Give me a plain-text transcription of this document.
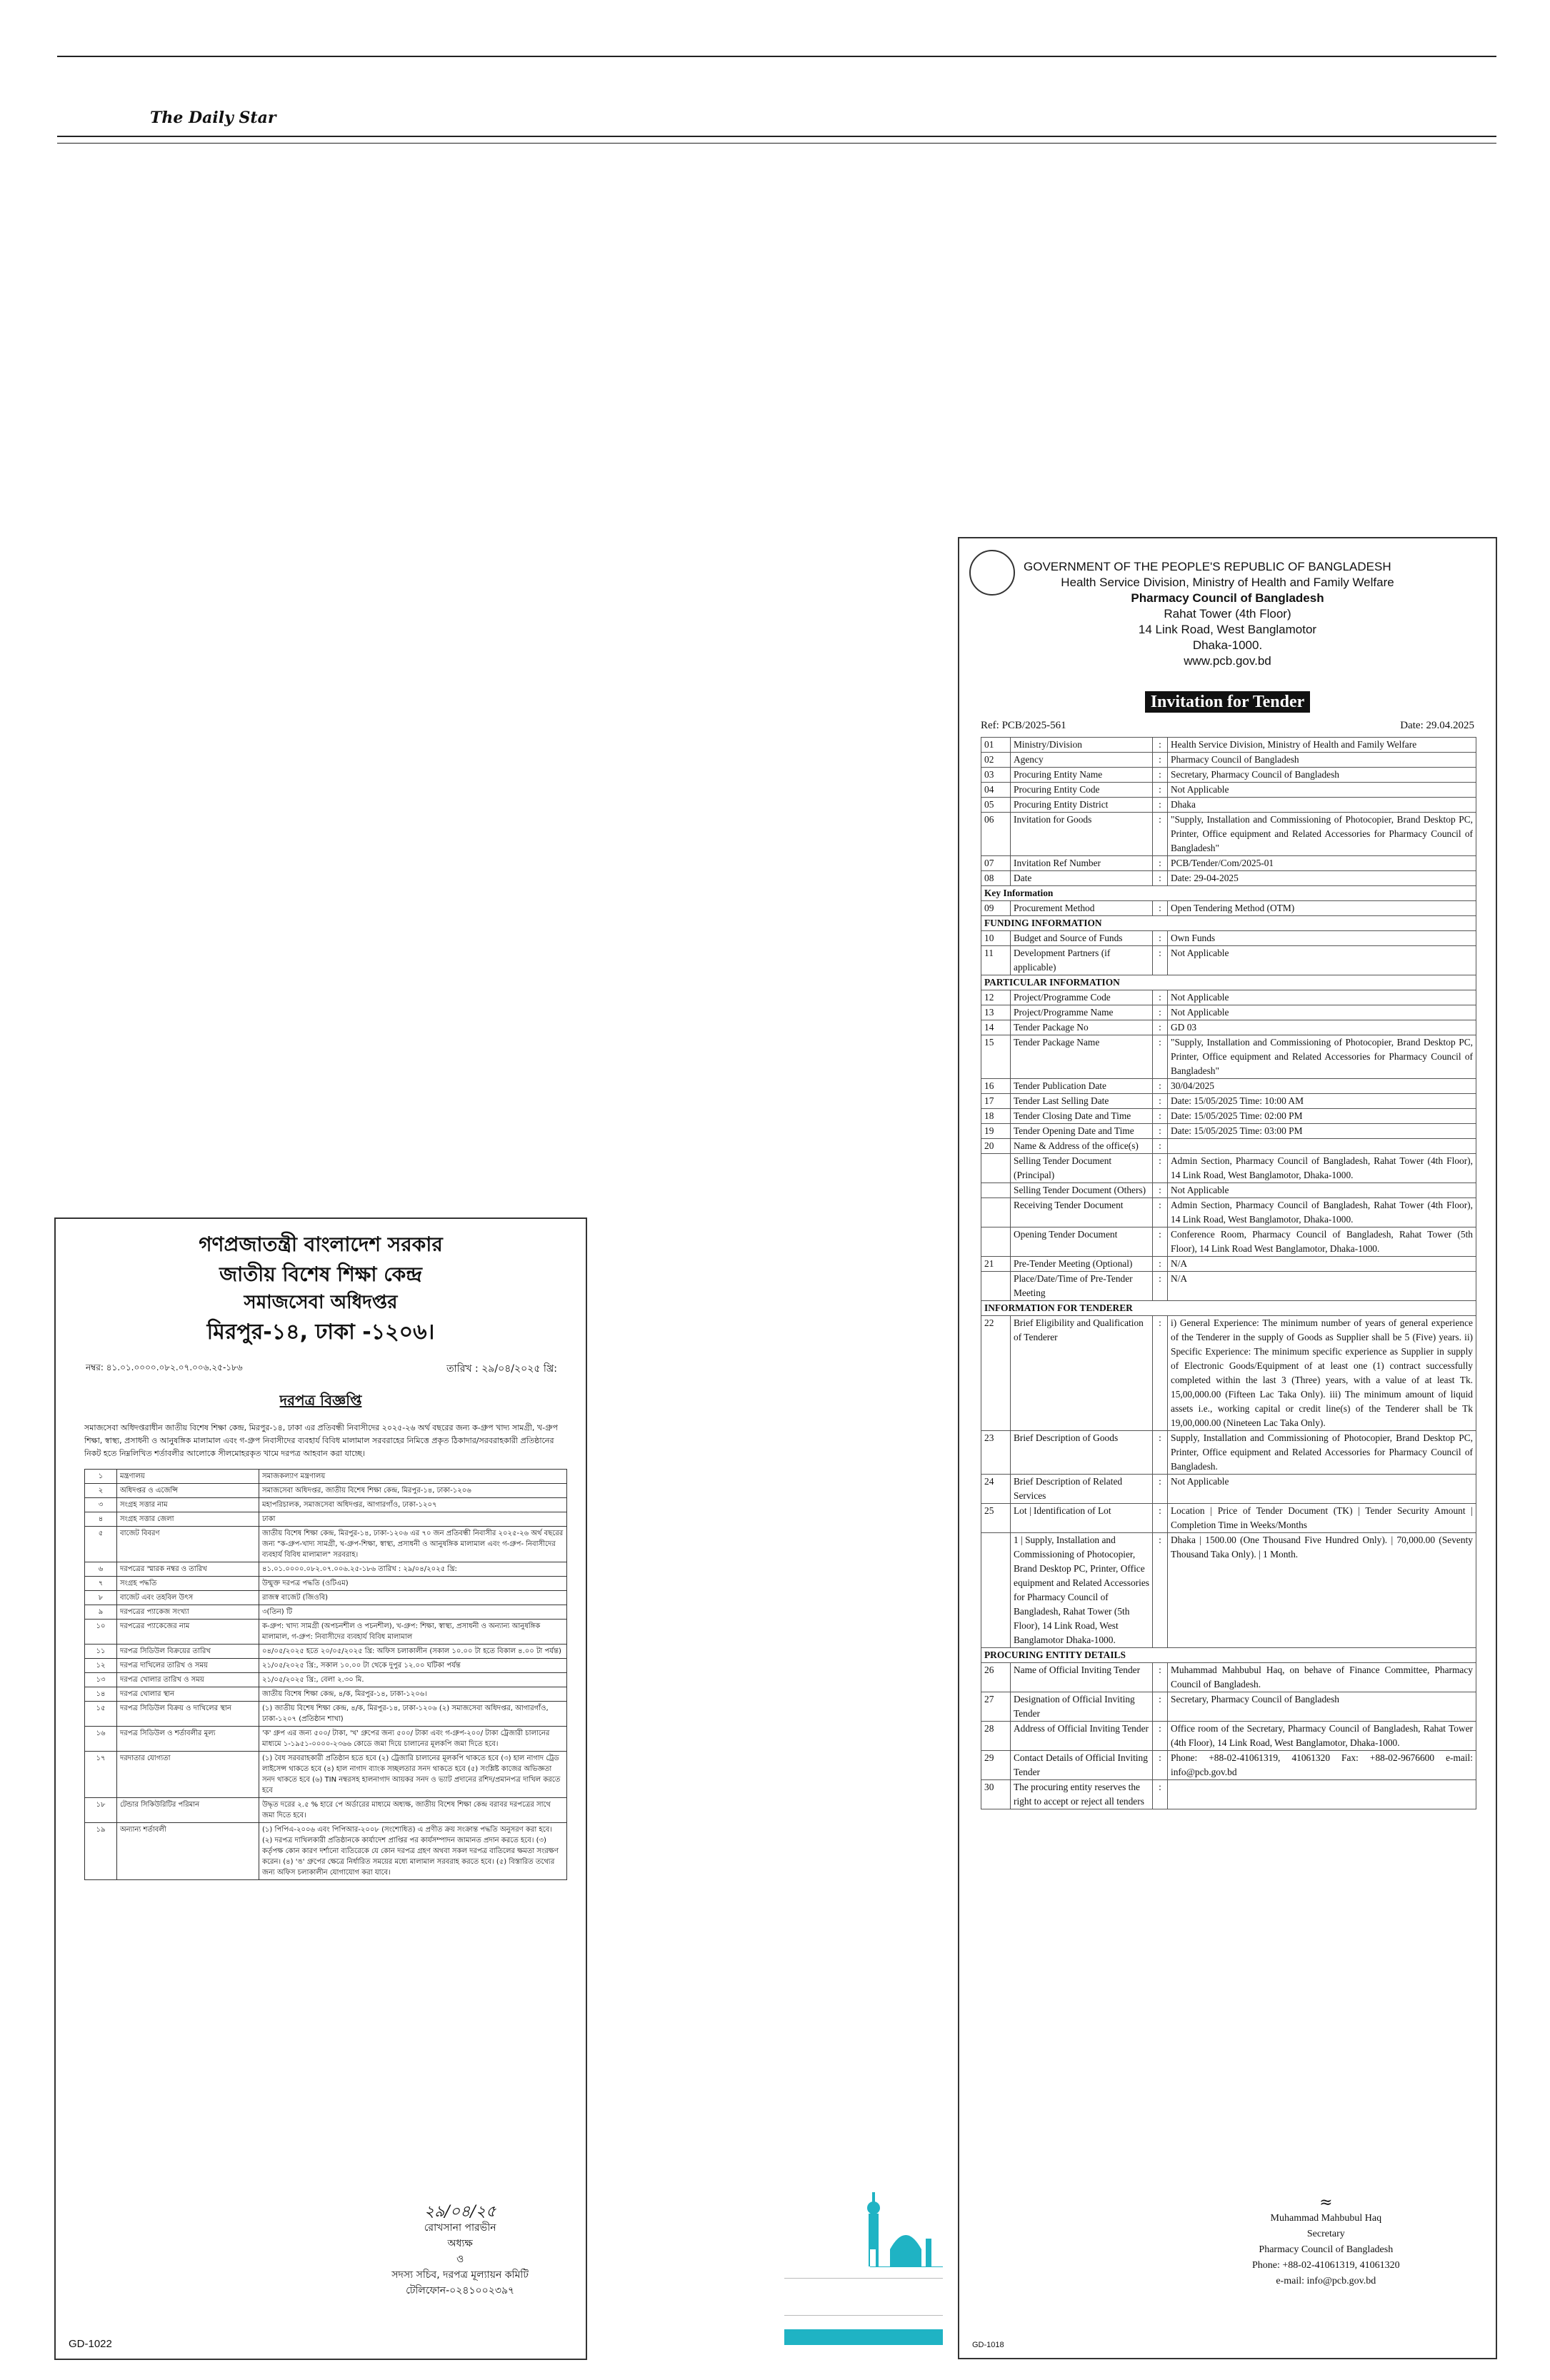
The Daily Star
গণপ্রজাতন্ত্রী বাংলাদেশ সরকার
জাতীয় বিশেষ শিক্ষা কেন্দ্র
সমাজসেবা অধিদপ্তর
মিরপুর-১৪, ঢাকা -১২০৬।
নম্বর: ৪১.০১.০০০০.০৮২.০৭.০০৬.২৫-১৮৬	তারিখ : ২৯/০৪/২০২৫ খ্রি:
দরপত্র বিজ্ঞপ্তি
সমাজসেবা অধিদপ্তরাধীন জাতীয় বিশেষ শিক্ষা কেন্দ্র, মিরপুর-১৪, ঢাকা এর প্রতিবন্ধী নিবাসীদের ২০২৫-২৬ অর্থ বছরের জন্য ক-গ্রুপ খাদ্য সামগ্রী, খ-গ্রুপ শিক্ষা, স্বাস্থ্য, প্রসাধনী ও আনুষঙ্গিক মালামাল এবং গ-গ্রুপ নিবাসীদের ব্যবহার্য বিবিধ মালামাল সরবরাহের নিমিত্তে প্রকৃত ঠিকাদার/সরবরাহকারী প্রতিষ্ঠানের নিকট হতে নিম্নলিখিত শর্তাবলীর আলোকে সীলমোহরকৃত খামে দরপত্র আহবান করা যাচ্ছে।
১	মন্ত্রণালয়	সমাজকল্যাণ মন্ত্রণালয়
২	অধিদপ্তর ও এজেন্সি	সমাজসেবা অধিদপ্তর, জাতীয় বিশেষ শিক্ষা কেন্দ্র, মিরপুর-১৪, ঢাকা-১২০৬
৩	সংগ্রহ সত্তার নাম	মহাপরিচালক, সমাজসেবা অধিদপ্তর, আগারগাঁও, ঢাকা-১২০৭
৪	সংগ্রহ সত্তার জেলা	ঢাকা
৫	বাজেট বিবরণ	জাতীয় বিশেষ শিক্ষা কেন্দ্র, মিরপুর-১৪, ঢাকা-১২০৬ এর ৭০ জন প্রতিবন্ধী নিবাসীর ২০২৫-২৬ অর্থ বছরের জন্য "ক-গ্রুপ-খাদ্য সামগ্রী, খ-গ্রুপ-শিক্ষা, স্বাস্থ্য, প্রসাধনী ও আনুষঙ্গিক মালামাল এবং গ-গ্রুপ- নিবাসীদের ব্যবহার্য বিবিধ মালামাল" সরবরাহ।
৬	দরপত্রের স্মারক নম্বর ও তারিখ	৪১.০১.০০০০.০৮২.০৭.০০৬.২৫-১৮৬ তারিখ : ২৯/০৪/২০২৫ খ্রি:
৭	সংগ্রহ পদ্ধতি	উন্মুক্ত দরপত্র পদ্ধতি (ওটিএম)
৮	বাজেট এবং তহবিল উৎস	রাজস্ব বাজেট (জিওবি)
৯	দরপত্রের প্যাকেজ সংখ্যা	৩(তিন) টি
১০	দরপত্রের প্যাকেজের নাম	ক-গ্রুপ: খাদ্য সামগ্রী (অপচনশীল ও পচনশীল), খ-গ্রুপ: শিক্ষা, স্বাস্থ্য, প্রসাধনী ও অন্যান্য আনুষঙ্গিক মালামাল, গ-গ্রুপ: নিবাসীদের ব্যবহার্য বিবিধ মালামাল
১১	দরপত্র সিডিউল বিক্রয়ের তারিখ	০৪/০৫/২০২৫ হতে ২০/০৫/২০২৫ খ্রি: অফিস চলাকালীন (সকাল ১০.০০ টা হতে বিকাল ৪.০০ টা পর্যন্ত)
১২	দরপত্র দাখিলের তারিখ ও সময়	২১/০৫/২০২৫ খ্রি:, সকাল ১০.০০ টা থেকে দুপুর ১২.০০ ঘটিকা পর্যন্ত
১৩	দরপত্র খোলার তারিখ ও সময়	২১/০৫/২০২৫ খ্রি:, বেলা ২.৩০ মি.
১৪	দরপত্র খোলার স্থান	জাতীয় বিশেষ শিক্ষা কেন্দ্র, ৪/ক, মিরপুর-১৪, ঢাকা-১২০৬।
১৫	দরপত্র সিডিউল বিক্রয় ও দাখিলের স্থান	(১) জাতীয় বিশেষ শিক্ষা কেন্দ্র, ৪/ক, মিরপুর-১৪, ঢাকা-১২০৬ (২) সমাজসেবা অধিদপ্তর, আগারগাঁও, ঢাকা-১২০৭ (প্রতিষ্ঠান শাখা)
১৬	দরপত্র সিডিউল ও শর্তাবলীর মূল্য	'ক' গ্রুপ এর জন্য ৫০০/ টাকা, 'খ' গ্রুপের জন্য ৫০০/ টাকা এবং গ-গ্রুপ-২০০/ টাকা ট্রেজারী চালানের মাধ্যমে ১-১৯৫১-০০০০-২৩৬৬ কোডে জমা দিয়ে চালানের মূলকপি জমা দিতে হবে।
১৭	দরদাতার যোগ্যতা	(১) বৈধ সরবরাহকারী প্রতিষ্ঠান হতে হবে (২) ট্রেজারি চালানের মূলকপি থাকতে হবে (৩) হাল নাগাদ ট্রেড লাইসেন্স থাকতে হবে (৪) হাল নাগাদ ব্যাংক সচ্ছলতার সনদ থাকতে হবে (৫) সংশ্লিষ্ট কাজের অভিজ্ঞতা সনদ থাকতে হবে (৬) TIN নম্বরসহ হালনাগাদ আয়কর সনদ ও ভ্যাট প্রদানের রশিদ/প্রমানপত্র দাখিল করতে হবে
১৮	টেন্ডার সিকিউরিটির পরিমান	উদ্ধৃত দরের ২.৫ % হারে পে অর্ডারের মাধ্যমে অধ্যক্ষ, জাতীয় বিশেষ শিক্ষা কেন্দ্র বরাবর দরপত্রের সাথে জমা দিতে হবে।
১৯	অন্যান্য শর্তাবলী	(১) পিপিএ-২০০৬ এবং পিপিআর-২০০৮ (সংশোধিত) এ প্রণীত ক্রয় সংক্রান্ত পদ্ধতি অনুসরণ করা হবে। (২) দরপত্র দাখিলকারী প্রতিষ্ঠানকে কার্যাদেশ প্রাপ্তির পর কার্যসম্পাদন জামানত প্রদান করতে হবে। (৩) কর্তৃপক্ষ কোন কারণ দর্শানো ব্যতিরেকে যে কোন দরপত্র গ্রহণ অথবা সকল দরপত্র বাতিলের ক্ষমতা সংরক্ষণ করেন। (৪) 'ঙ' গ্রুপের ক্ষেত্রে নির্ধারিত সময়ের মধ্যে মালামাল সরবরাহ করতে হবে। (৫) বিস্তারিত তথ্যের জন্য অফিস চলাকালীন যোগাযোগ করা যাবে।
২৯/০৪/২৫
রোখসানা পারভীন
অধ্যক্ষ
ও
সদস্য সচিব, দরপত্র মূল্যায়ন কমিটি
টেলিফোন-০২৪১০০২৩৯৭
GD-1022
GOVERNMENT OF THE PEOPLE'S REPUBLIC OF BANGLADESH
Health Service Division, Ministry of Health and Family Welfare
Pharmacy Council of Bangladesh
Rahat Tower (4th Floor)
14 Link Road, West Banglamotor
Dhaka-1000.
www.pcb.gov.bd
Invitation for Tender
Ref: PCB/2025-561	Date: 29.04.2025
01	Ministry/Division	:	Health Service Division, Ministry of Health and Family Welfare
02	Agency	:	Pharmacy Council of Bangladesh
03	Procuring Entity Name	:	Secretary, Pharmacy Council of Bangladesh
04	Procuring Entity Code	:	Not Applicable
05	Procuring Entity District	:	Dhaka
06	Invitation for Goods	:	"Supply, Installation and Commissioning of Photocopier, Brand Desktop PC, Printer, Office equipment and Related Accessories for Pharmacy Council of Bangladesh"
07	Invitation Ref Number	:	PCB/Tender/Com/2025-01
08	Date	:	Date: 29-04-2025
Key Information			
09	Procurement Method	:	Open Tendering Method (OTM)
FUNDING INFORMATION			
10	Budget and Source of Funds	:	Own Funds
11	Development Partners (if applicable)	:	Not Applicable
PARTICULAR INFORMATION			
12	Project/Programme Code	:	Not Applicable
13	Project/Programme Name	:	Not Applicable
14	Tender Package No	:	GD 03
15	Tender Package Name	:	"Supply, Installation and Commissioning of Photocopier, Brand Desktop PC, Printer, Office equipment and Related Accessories for Pharmacy Council of Bangladesh"
16	Tender Publication Date	:	30/04/2025
17	Tender Last Selling Date	:	Date: 15/05/2025 Time: 10:00 AM
18	Tender Closing Date and Time	:	Date: 15/05/2025 Time: 02:00 PM
19	Tender Opening Date and Time	:	Date: 15/05/2025 Time: 03:00 PM
20	Name & Address of the office(s)	:	
	Selling Tender Document (Principal)	:	Admin Section, Pharmacy Council of Bangladesh, Rahat Tower (4th Floor), 14 Link Road, West Banglamotor, Dhaka-1000.
	Selling Tender Document (Others)	:	Not Applicable
	Receiving Tender Document	:	Admin Section, Pharmacy Council of Bangladesh, Rahat Tower (4th Floor), 14 Link Road, West Banglamotor, Dhaka-1000.
	Opening Tender Document	:	Conference Room, Pharmacy Council of Bangladesh, Rahat Tower (5th Floor), 14 Link Road West Banglamotor, Dhaka-1000.
21	Pre-Tender Meeting (Optional)	:	N/A
	Place/Date/Time of Pre-Tender Meeting	:	N/A
INFORMATION FOR TENDERER			
22	Brief Eligibility and Qualification of Tenderer	:	i) General Experience: The minimum number of years of general experience of the Tenderer in the supply of Goods as Supplier shall be 5 (Five) years. ii) Specific Experience: The minimum specific experience as Supplier in supply of Electronic Goods/Equipment of at least one (1) contract successfully completed within the last 3 (Three) years, with a value of at least Tk. 15,00,000.00 (Fifteen Lac Taka Only). iii) The minimum amount of liquid assets i.e., working capital or credit line(s) of the Tenderer shall be Tk 19,00,000.00 (Nineteen Lac Taka Only).
23	Brief Description of Goods	:	Supply, Installation and Commissioning of Photocopier, Brand Desktop PC, Printer, Office equipment and Related Accessories for Pharmacy Council of Bangladesh.
24	Brief Description of Related Services	:	Not Applicable
25	Lot | Identification of Lot	:	Location | Price of Tender Document (TK) | Tender Security Amount | Completion Time in Weeks/Months
	1 | Supply, Installation and Commissioning of Photocopier, Brand Desktop PC, Printer, Office equipment and Related Accessories for Pharmacy Council of Bangladesh, Rahat Tower (5th Floor), 14 Link Road, West Banglamotor Dhaka-1000.	:	Dhaka | 1500.00 (One Thousand Five Hundred Only). | 70,000.00 (Seventy Thousand Taka Only). | 1 Month.
PROCURING ENTITY DETAILS			
26	Name of Official Inviting Tender	:	Muhammad Mahbubul Haq, on behave of Finance Committee, Pharmacy Council of Bangladesh.
27	Designation of Official Inviting Tender	:	Secretary, Pharmacy Council of Bangladesh
28	Address of Official Inviting Tender	:	Office room of the Secretary, Pharmacy Council of Bangladesh, Rahat Tower (4th Floor), 14 Link Road, West Banglamotor, Dhaka-1000.
29	Contact Details of Official Inviting Tender	:	Phone: +88-02-41061319, 41061320 Fax: +88-02-9676600 e-mail: info@pcb.gov.bd
30	The procuring entity reserves the right to accept or reject all tenders	:	
≈
Muhammad Mahbubul Haq
Secretary
Pharmacy Council of Bangladesh
Phone: +88-02-41061319, 41061320
e-mail: info@pcb.gov.bd
GD-1018
